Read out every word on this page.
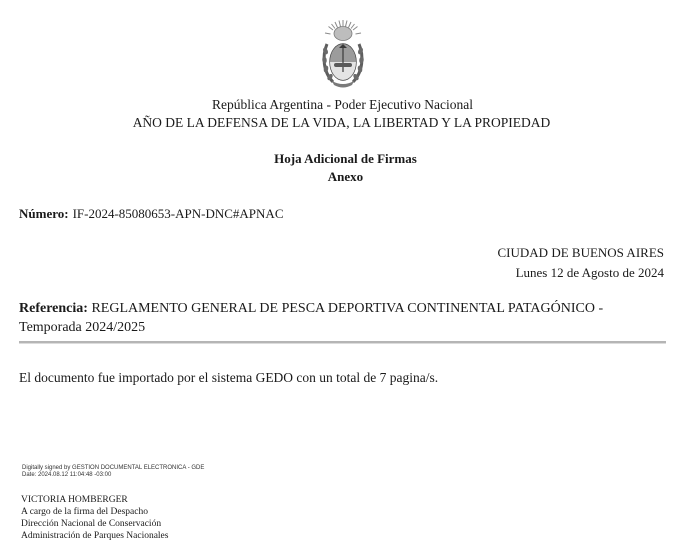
República Argentina - Poder Ejecutivo Nacional
AÑO DE LA DEFENSA DE LA VIDA, LA LIBERTAD Y LA PROPIEDAD
Hoja Adicional de Firmas
Anexo
Número: IF-2024-85080653-APN-DNC#APNAC
CIUDAD DE BUENOS AIRES
Lunes 12 de Agosto de 2024
Referencia: REGLAMENTO GENERAL DE PESCA DEPORTIVA CONTINENTAL PATAGÓNICO - Temporada 2024/2025
El documento fue importado por el sistema GEDO con un total de 7 pagina/s.
Digitally signed by GESTION DOCUMENTAL ELECTRONICA - GDE
Date: 2024.08.12 11:04:48 -03:00
VICTORIA HOMBERGER
A cargo de la firma del Despacho
Dirección Nacional de Conservación
Administración de Parques Nacionales
